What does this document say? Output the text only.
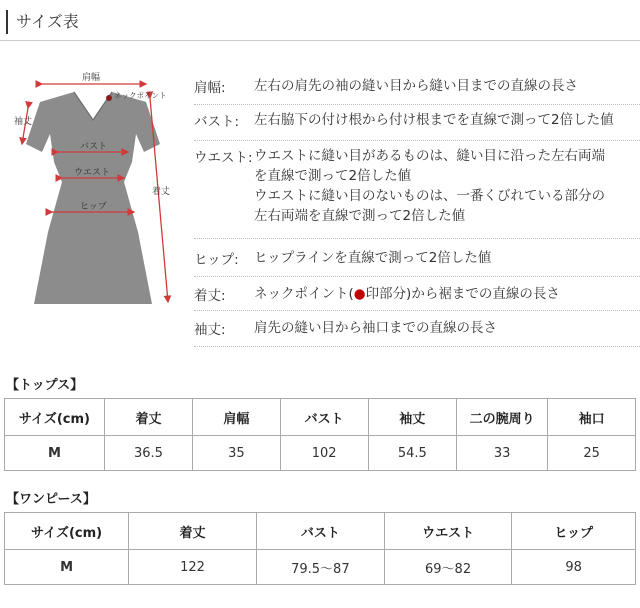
サイズ表
肩幅
ネックポイント
袖丈
バスト
ウエスト
ヒップ
着丈
肩幅:	左右の肩先の袖の縫い目から縫い目までの直線の長さ
バスト:	左右脇下の付け根から付け根までを直線で測って2倍した値
ウエスト: ウエストに縫い目があるものは、縫い目に沿った左右両端
を直線で測って2倍した値
ウエストに縫い目のないものは、一番くびれている部分の
左右両端を直線で測って2倍した値
ヒップ:	ヒップラインを直線で測って2倍した値
着丈:	ネックポイント(●印部分)から裾までの直線の長さ
袖丈:	肩先の縫い目から袖口までの直線の長さ
【トップス】
サイズ(cm)	着丈	肩幅	バスト	袖丈	二の腕周り	袖口
M	36.5	35	102	54.5	33	25
【ワンピース】
サイズ(cm)	着丈	バスト	ウエスト	ヒップ
M	122	79.5～87	69～82	98
